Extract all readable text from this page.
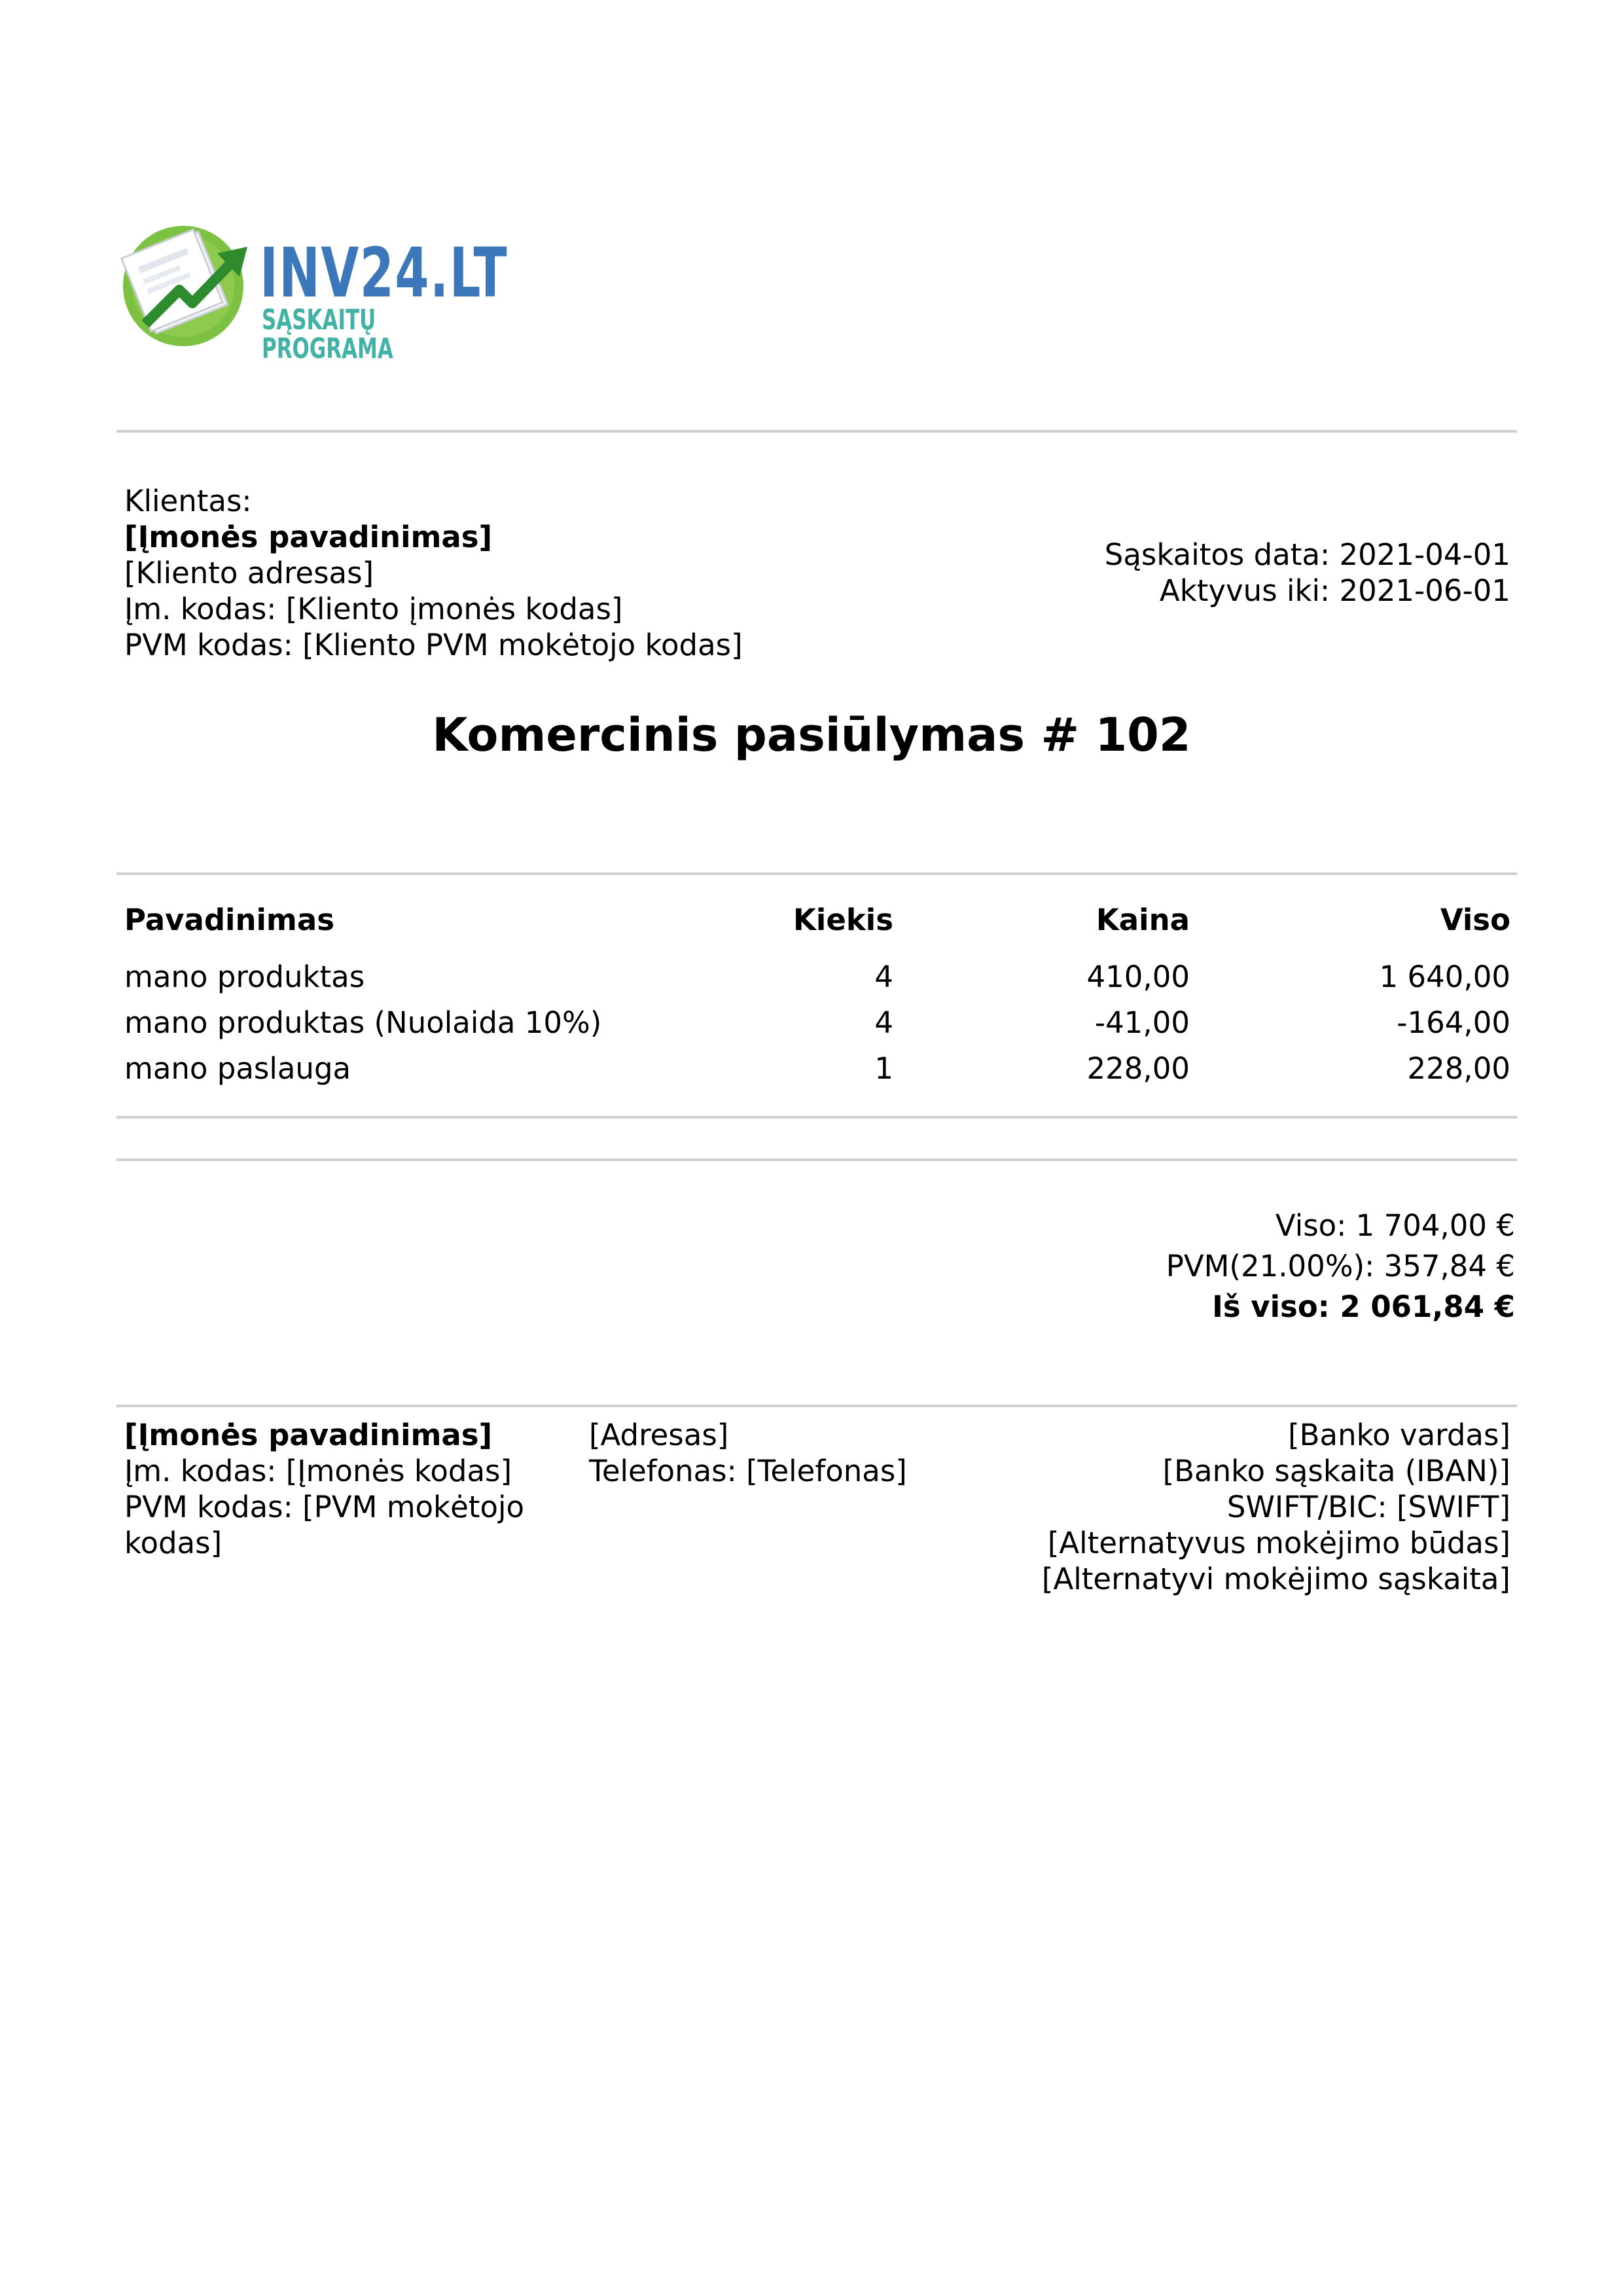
INV24.LT
SĄSKAITŲ PROGRAMA
Klientas:
[Įmonės pavadinimas]
[Kliento adresas]
Įm. kodas: [Kliento įmonės kodas]
PVM kodas: [Kliento PVM mokėtojo kodas]
Sąskaitos data: 2021-04-01
Aktyvus iki: 2021-06-01
Komercinis pasiūlymas # 102
Pavadinimas	Kiekis	Kaina	Viso
mano produktas	4	410,00	1 640,00
mano produktas (Nuolaida 10%)	4	-41,00	-164,00
mano paslauga	1	228,00	228,00
Viso: 1 704,00 €
PVM(21.00%): 357,84 €
Iš viso: 2 061,84 €
[Įmonės pavadinimas]
Įm. kodas: [Įmonės kodas]
PVM kodas: [PVM mokėtojo
kodas]
[Adresas]
Telefonas: [Telefonas]
[Banko vardas]
[Banko sąskaita (IBAN)]
SWIFT/BIC: [SWIFT]
[Alternatyvus mokėjimo būdas]
[Alternatyvi mokėjimo sąskaita]
